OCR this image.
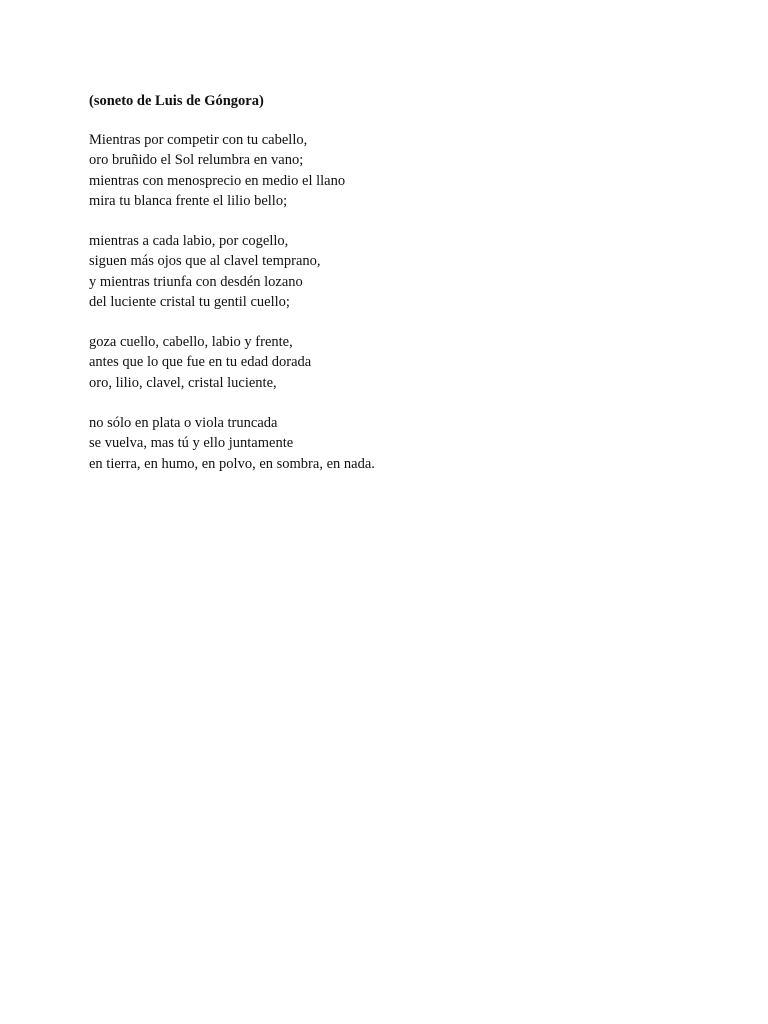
(soneto de Luis de Góngora)
Mientras por competir con tu cabello,
oro bruñido el Sol relumbra en vano;
mientras con menosprecio en medio el llano
mira tu blanca frente el lilio bello;
mientras a cada labio, por cogello,
siguen más ojos que al clavel temprano,
y mientras triunfa con desdén lozano
del luciente cristal tu gentil cuello;
goza cuello, cabello, labio y frente,
antes que lo que fue en tu edad dorada
oro, lilio, clavel, cristal luciente,
no sólo en plata o viola truncada
se vuelva, mas tú y ello juntamente
en tierra, en humo, en polvo, en sombra, en nada.
